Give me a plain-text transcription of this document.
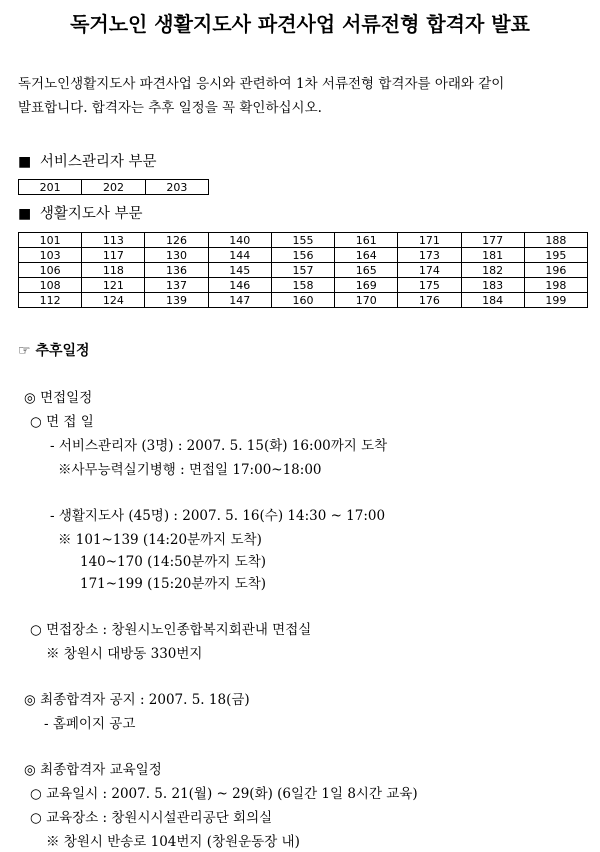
독거노인 생활지도사 파견사업 서류전형 합격자 발표
독거노인생활지도사 파견사업 응시와 관련하여 1차 서류전형 합격자를 아래와 같이
발표합니다. 합격자는 추후 일정을 꼭 확인하십시오.
■ 서비스관리자 부문
201	202	203
■ 생활지도사 부문
101	113	126	140	155	161	171	177	188
103	117	130	144	156	164	173	181	195
106	118	136	145	157	165	174	182	196
108	121	137	146	158	169	175	183	198
112	124	139	147	160	170	176	184	199
☞ 추후일정
◎ 면접일정
○ 면 접 일
- 서비스관리자 (3명) : 2007. 5. 15(화) 16:00까지 도착
※사무능력실기병행 : 면접일 17:00~18:00
- 생활지도사 (45명) : 2007. 5. 16(수) 14:30 ~ 17:00
※ 101~139 (14:20분까지 도착)
140~170 (14:50분까지 도착)
171~199 (15:20분까지 도착)
○ 면접장소 : 창원시노인종합복지회관내 면접실
※ 창원시 대방동 330번지
◎ 최종합격자 공지 : 2007. 5. 18(금)
- 홈페이지 공고
◎ 최종합격자 교육일정
○ 교육일시 : 2007. 5. 21(월) ~ 29(화) (6일간 1일 8시간 교육)
○ 교육장소 : 창원시시설관리공단 회의실
※ 창원시 반송로 104번지 (창원운동장 내)
